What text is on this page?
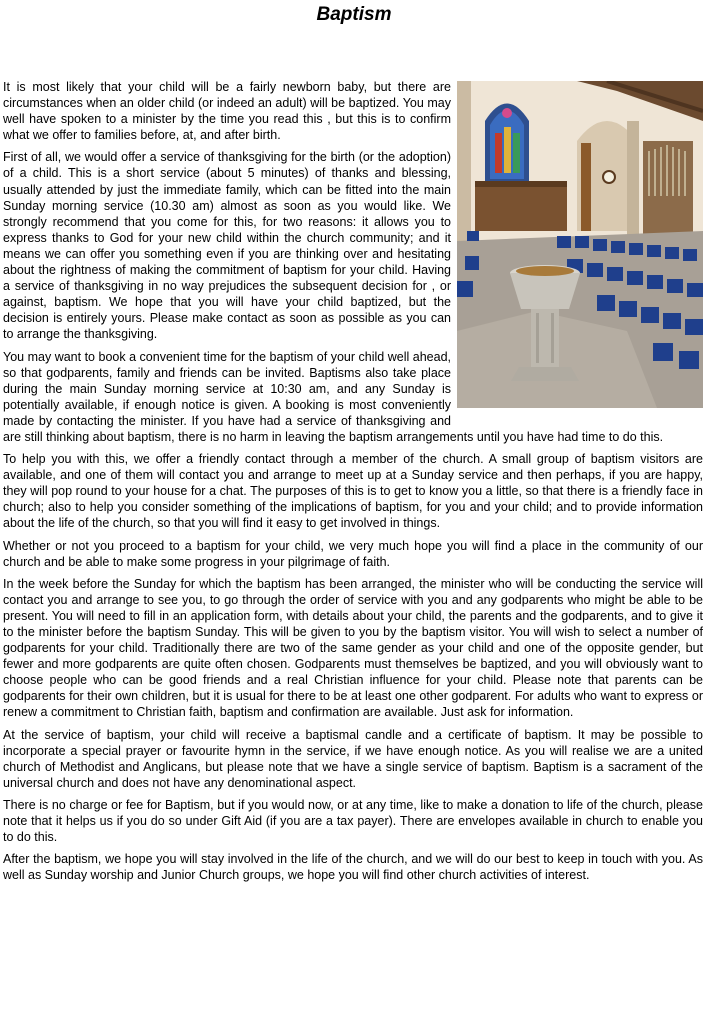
Baptism

It is most likely that your child will be a fairly newborn baby, but there are circumstances when an older child (or indeed an adult) will be baptized. You may well have spoken to a minister by the time you read this , but this is to confirm what we offer to families before, at, and after birth.

First of all, we would offer a service of thanksgiving for the birth (or the adoption) of a child. This is a short service (about 5 minutes) of thanks and blessing, usually attended by just the immediate family, which can be fitted into the main Sunday morning service (10.30 am) almost as soon as you would like. We strongly recommend that you come for this, for two reasons: it allows you to express thanks to God for your new child within the church community; and it means we can offer you something even if you are thinking over and hesitating about the rightness of making the commitment of baptism for your child. Having a service of thanksgiving in no way prejudices the subsequent decision for , or against, baptism. We hope that you will have your child baptized, but the decision is entirely yours. Please make contact as soon as possible as you can to arrange the thanksgiving.

You may want to book a convenient time for the baptism of your child well ahead, so that godparents, family and friends can be invited. Baptisms also take place during the main Sunday morning service at 10:30 am, and any Sunday is potentially available, if enough notice is given. A booking is most conveniently made by contacting the minister. If you have had a service of thanksgiving and are still thinking about baptism, there is no harm in leaving the baptism arrangements until you have had time to do this.

To help you with this, we offer a friendly contact through a member of the church. A small group of baptism visitors are available, and one of them will contact you and arrange to meet up at a Sunday service and then perhaps, if you are happy, they will pop round to your house for a chat. The purposes of this is to get to know you a little, so that there is a friendly face in church; also to help you consider something of the implications of baptism, for you and your child; and to provide information about the life of the church, so that you will find it easy to get involved in things.

Whether or not you proceed to a baptism for your child, we very much hope you will find a place in the community of our church and be able to make some progress in your pilgrimage of faith.

In the week before the Sunday for which the baptism has been arranged, the minister who will be conducting the service will contact you and arrange to see you, to go through the order of service with you and any godparents who might be able to be present. You will need to fill in an application form, with details about your child, the parents and the godparents, and to give it to the minister before the baptism Sunday. This will be given to you by the baptism visitor. You will wish to select a number of godparents for your child. Traditionally there are two of the same gender as your child and one of the opposite gender, but fewer and more godparents are quite often chosen. Godparents must themselves be baptized, and you will obviously want to choose people who can be good friends and a real Christian influence for your child. Please note that parents can be godparents for their own children, but it is usual for there to be at least one other godparent. For adults who want to express or renew a commitment to Christian faith, baptism and confirmation are available. Just ask for information.

At the service of baptism, your child will receive a baptismal candle and a certificate of baptism. It may be possible to incorporate a special prayer or favourite hymn in the service, if we have enough notice. As you will realise we are a united church of Methodist and Anglicans, but please note that we have a single service of baptism. Baptism is a sacrament of the universal church and does not have any denominational aspect.

There is no charge or fee for Baptism, but if you would now, or at any time, like to make a donation to life of the church, please note that it helps us if you do so under Gift Aid (if you are a tax payer). There are envelopes available in church to enable you to do this.

After the baptism, we hope you will stay involved in the life of the church, and we will do our best to keep in touch with you. As well as Sunday worship and Junior Church groups, we hope you will find other church activities of interest.
